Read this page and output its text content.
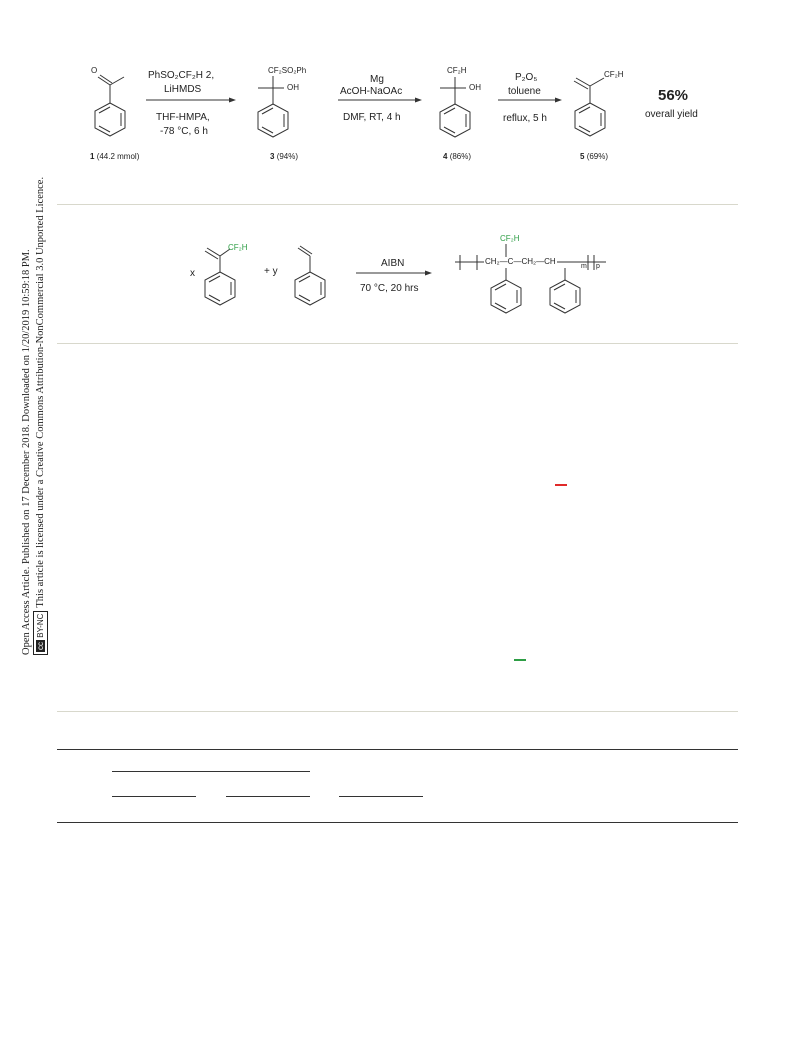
Open Access Article. Published on 17 December 2018. Downloaded on 1/20/2019 10:59:18 PM. cc BY-NCThis article is licensed under a Creative Commons Attribution-NonCommercial 3.0 Unported Licence.
O	PhSO₂CF₂H 2,
LiHMDS
THF-HMPA,
-78 °C, 6 h
CF₂SO₂Ph
OH
Mg
AcOH-NaOAc
DMF, RT, 4 h
CF₂H
OH
P₂O₅
toluene
reflux, 5 h
CF₂H
56%
overall yield
1 (44.2 mmol)	3 (94%)	4 (86%)	5 (69%)
CF₂H
x	+ y
AIBN
70 °C, 20 hrs
CF₂H
CH₂—C—CH₂—CH
m p
